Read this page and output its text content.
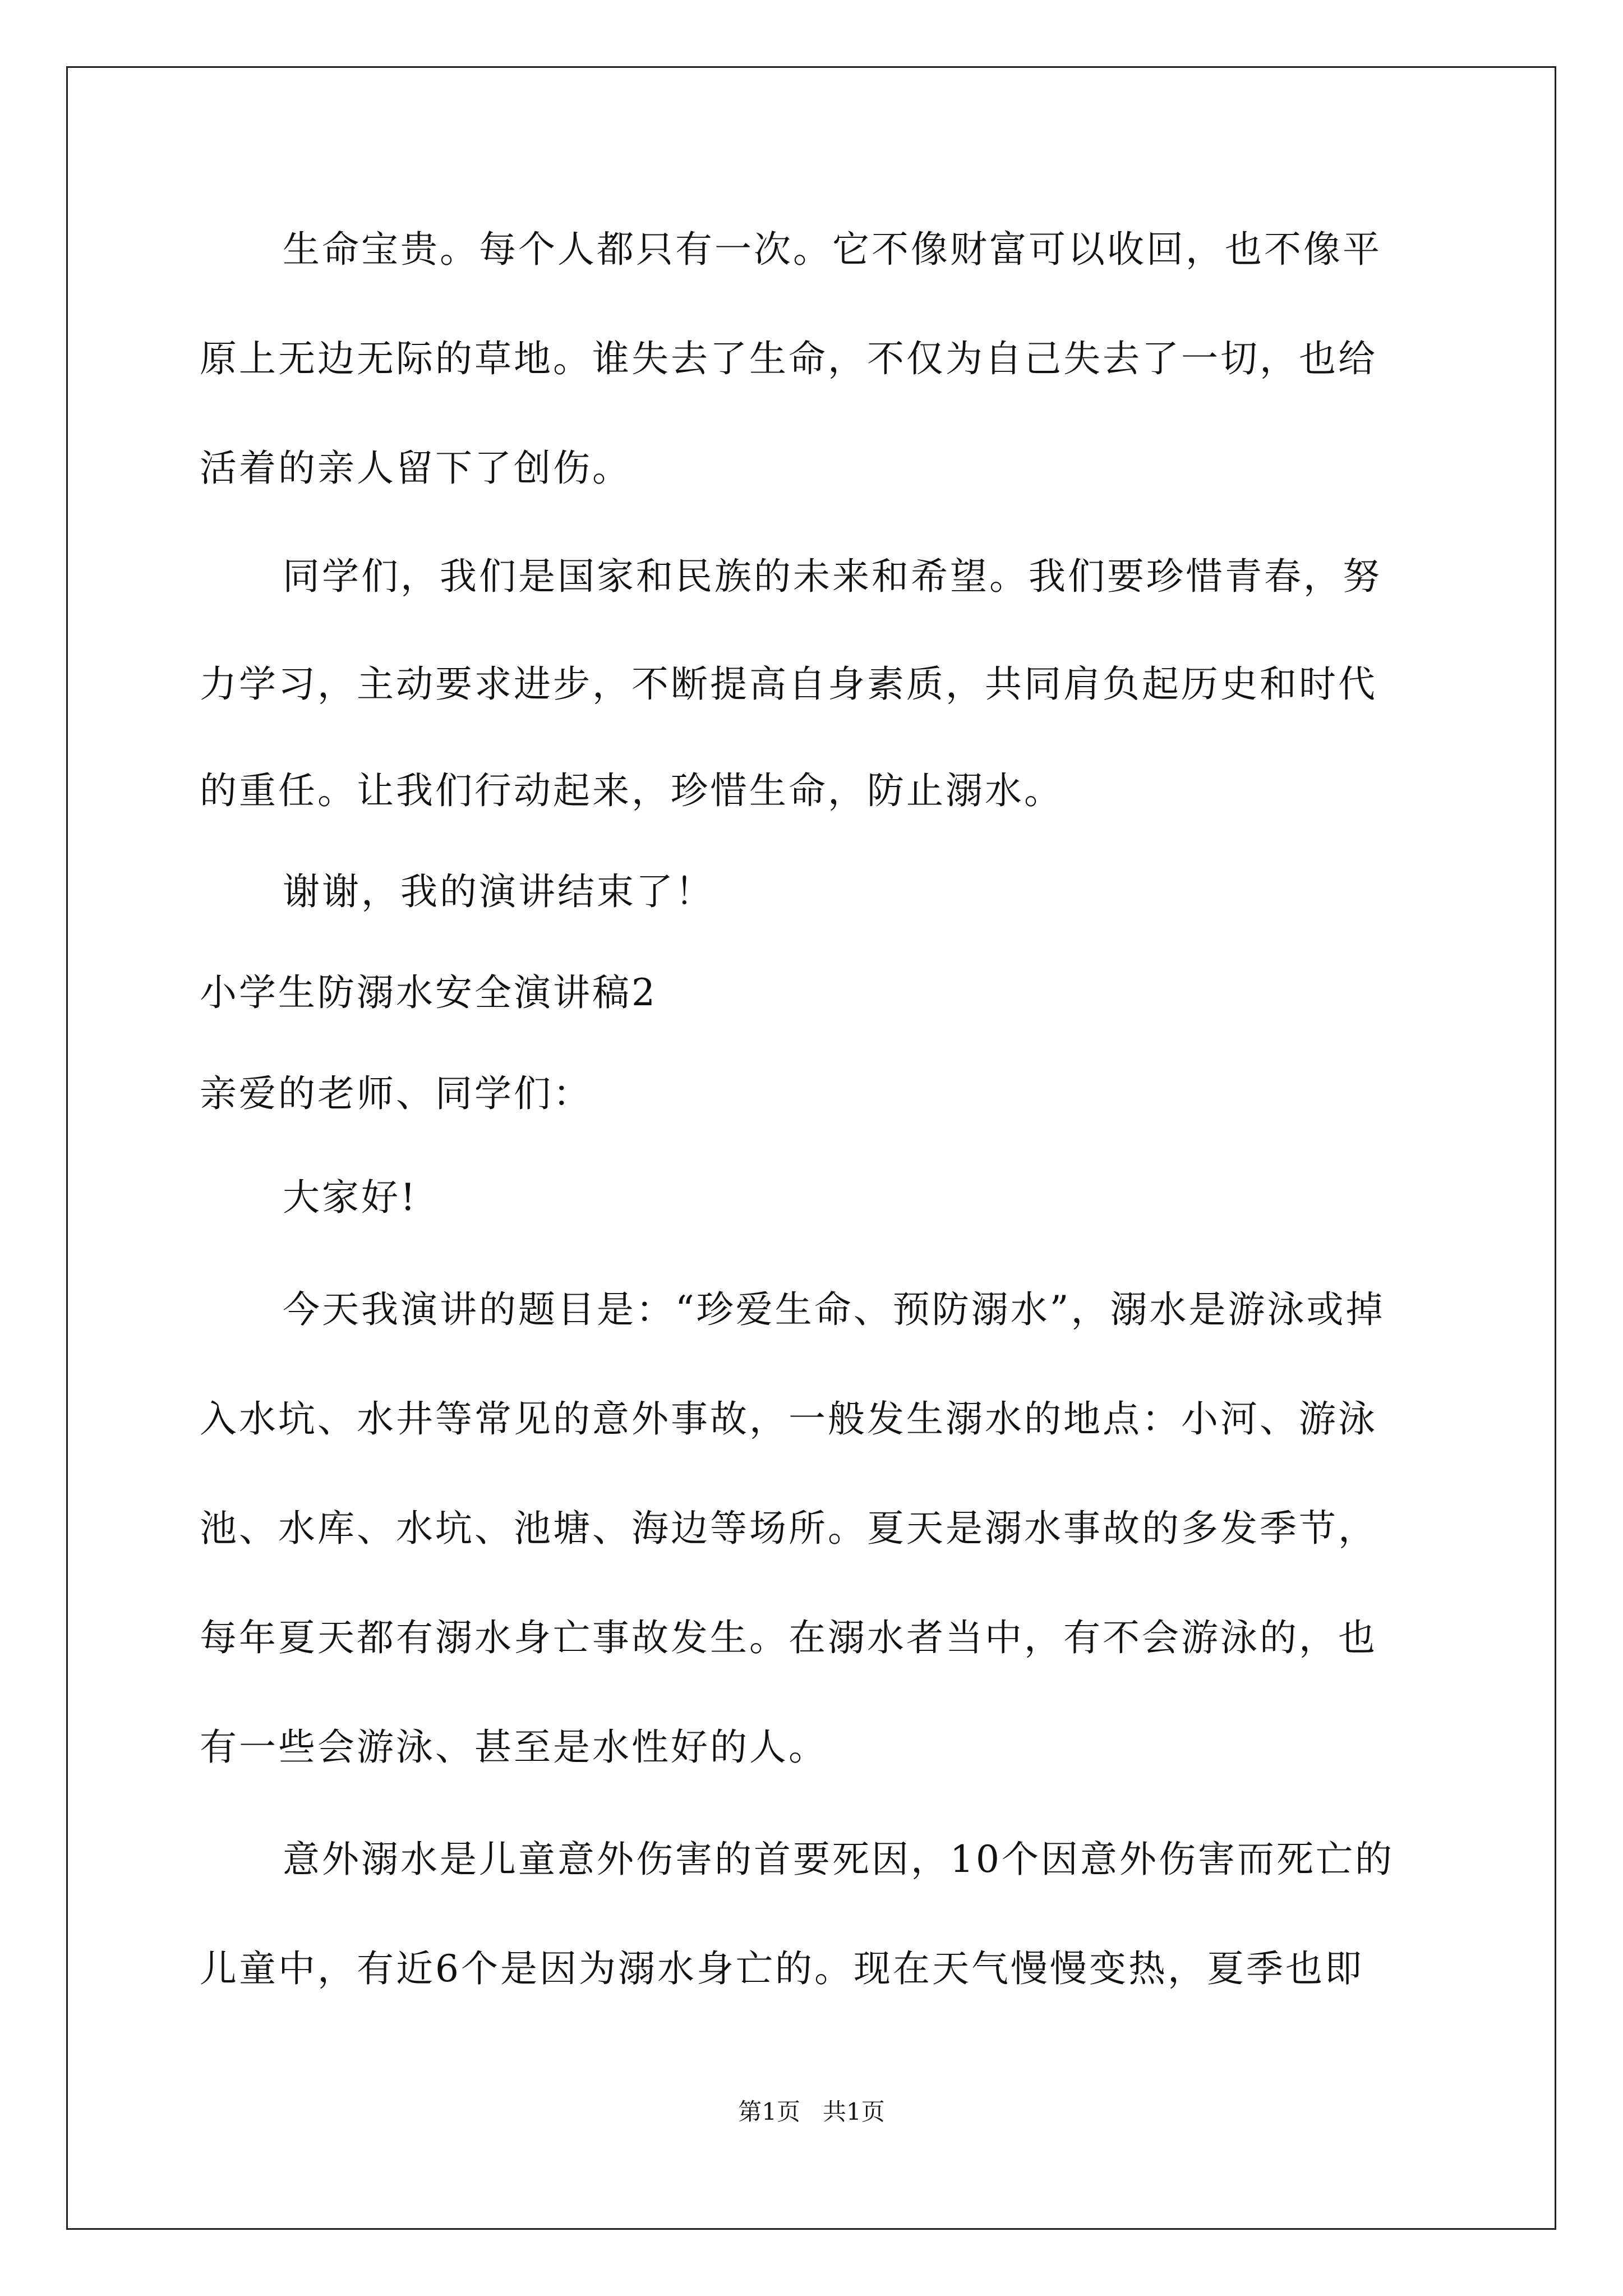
生命宝贵。每个人都只有一次。它不像财富可以收回，也不像平
原上无边无际的草地。谁失去了生命，不仅为自己失去了一切，也给
活着的亲人留下了创伤。
同学们，我们是国家和民族的未来和希望。我们要珍惜青春，努
力学习，主动要求进步，不断提高自身素质，共同肩负起历史和时代
的重任。让我们行动起来，珍惜生命，防止溺水。
谢谢，我的演讲结束了！
小学生防溺水安全演讲稿2
亲爱的老师、同学们：
大家好!
今天我演讲的题目是：“珍爱生命、预防溺水”，溺水是游泳或掉
入水坑、水井等常见的意外事故，一般发生溺水的地点：小河、游泳
池、水库、水坑、池塘、海边等场所。夏天是溺水事故的多发季节，
每年夏天都有溺水身亡事故发生。在溺水者当中，有不会游泳的，也
有一些会游泳、甚至是水性好的人。
意外溺水是儿童意外伤害的首要死因，10个因意外伤害而死亡的
儿童中，有近6个是因为溺水身亡的。现在天气慢慢变热，夏季也即
第1页   共1页
